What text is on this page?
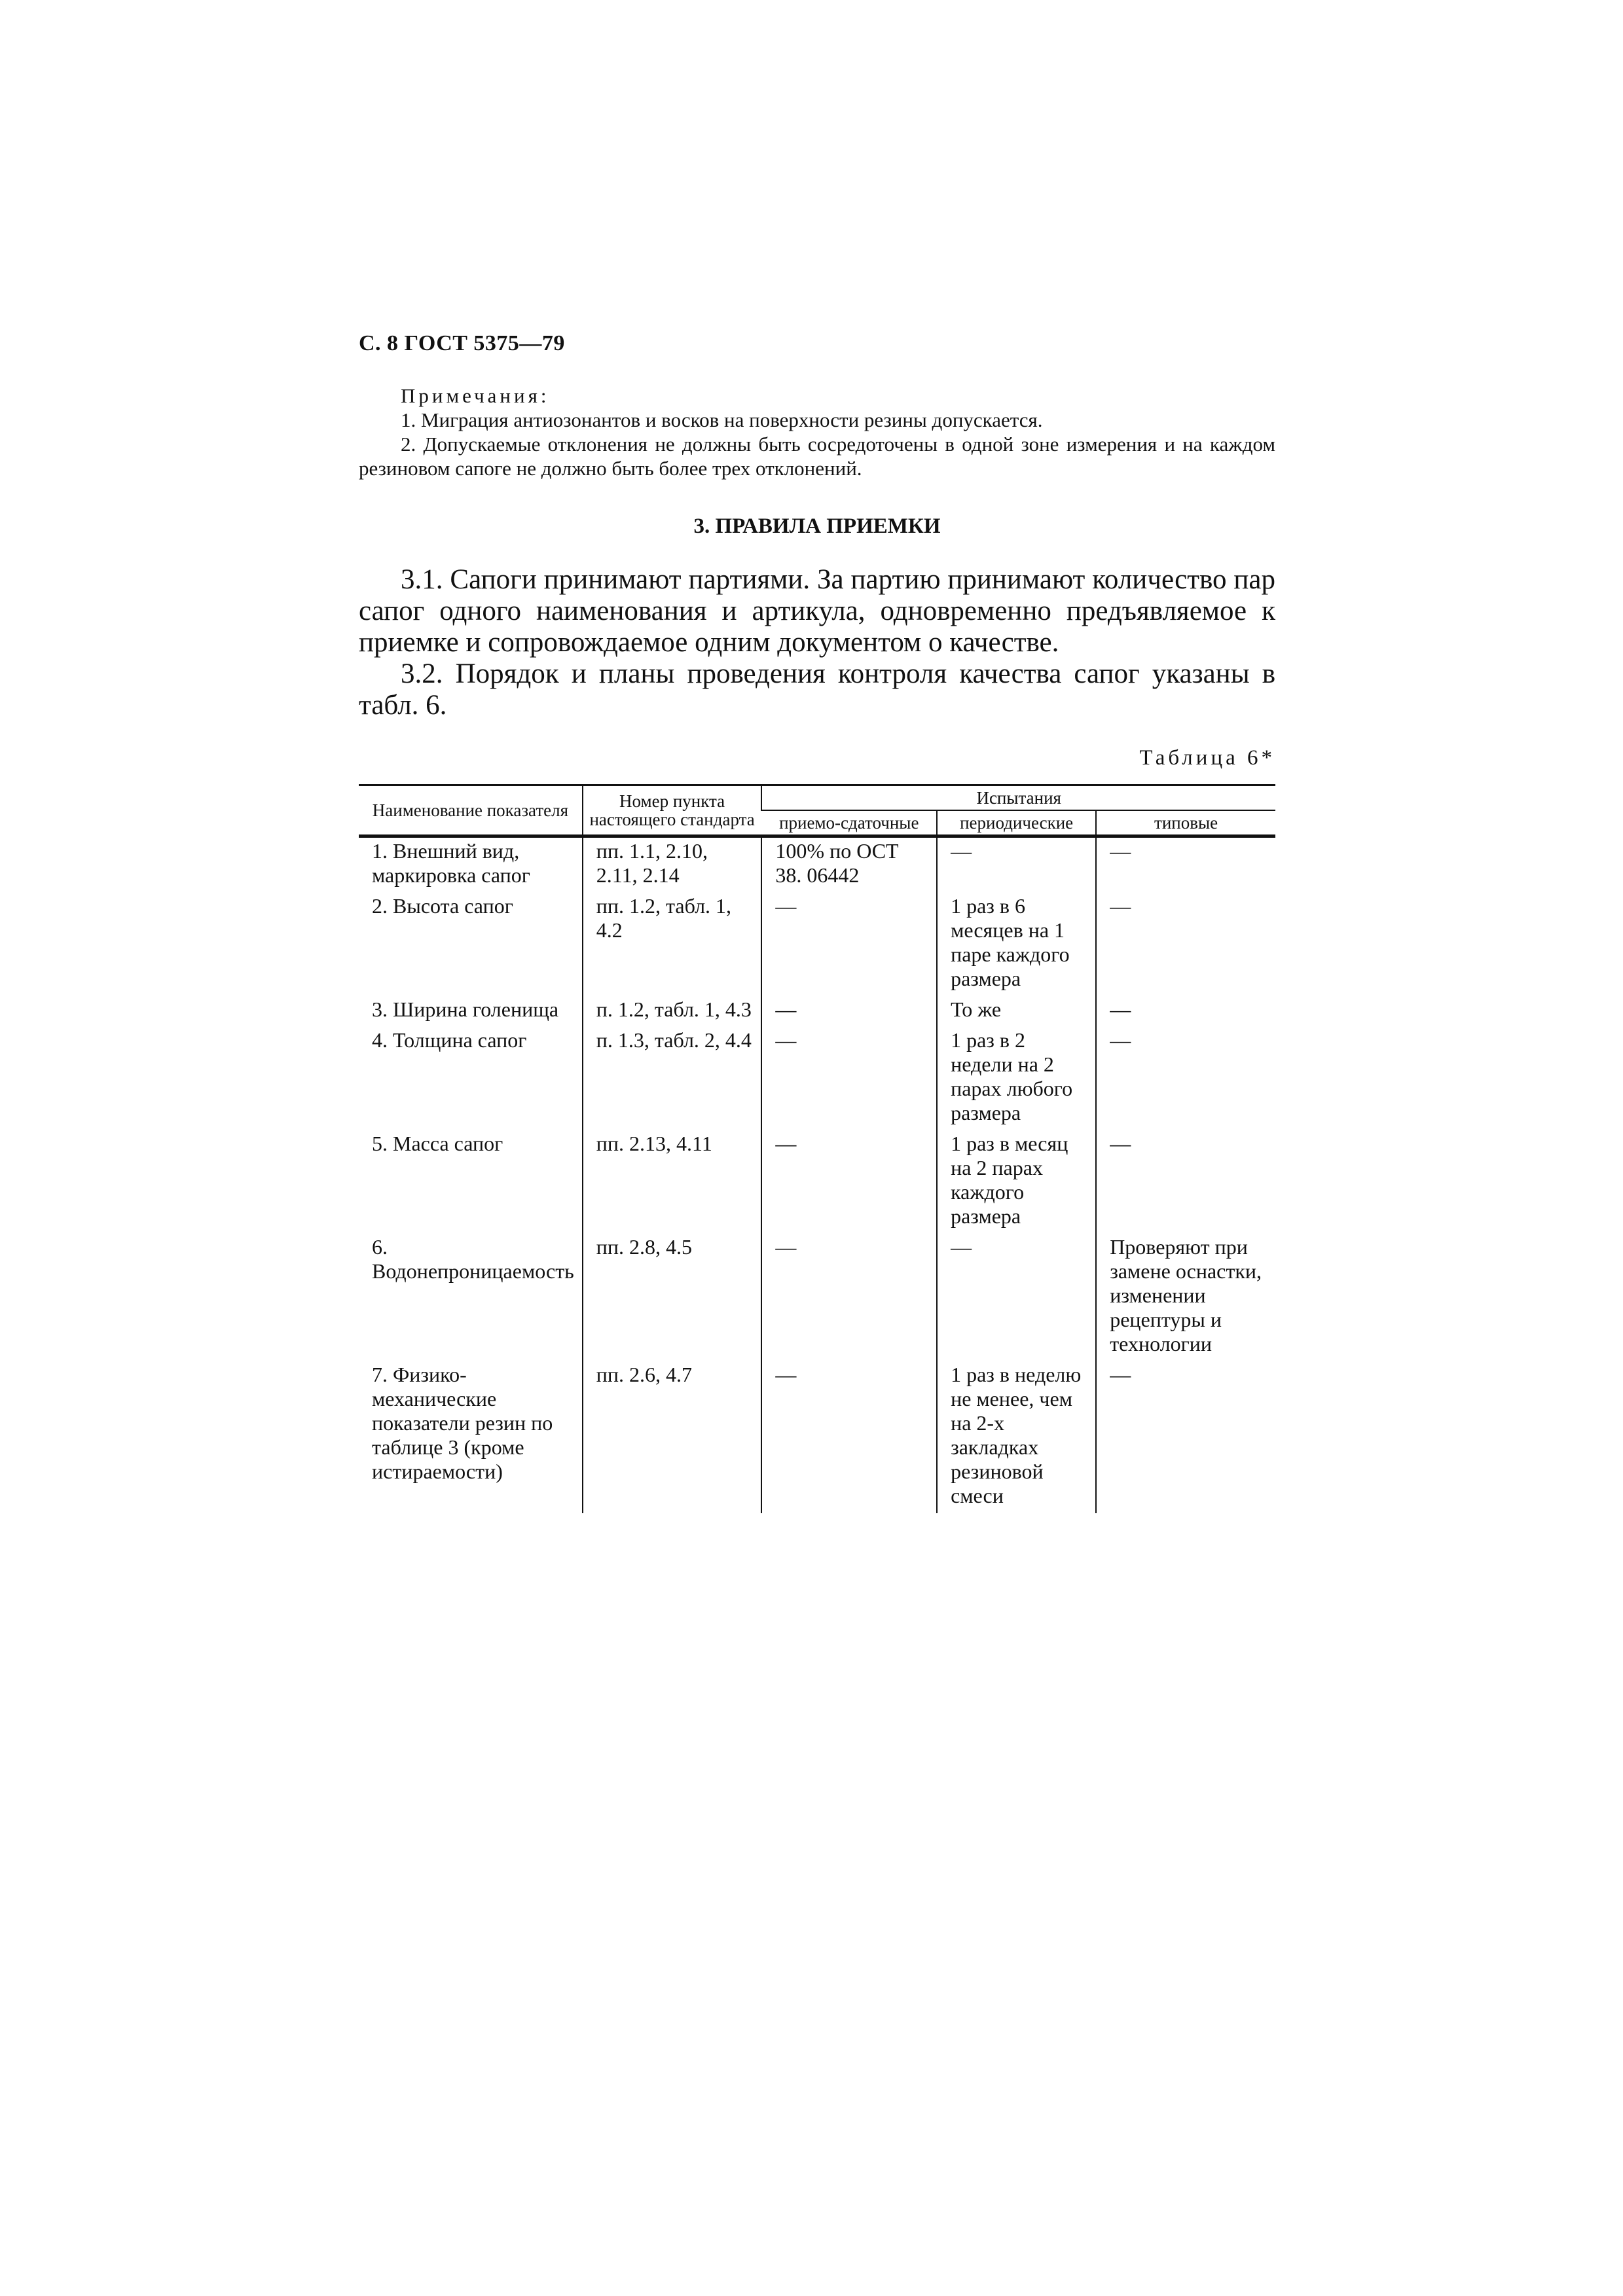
С. 8 ГОСТ 5375—79
Примечания:

1. Миграция антиозонантов и восков на поверхности резины допускается.

2. Допускаемые отклонения не должны быть сосредоточены в одной зоне измерения и на каждом резиновом сапоге не должно быть более трех отклонений.

3. ПРАВИЛА ПРИЕМКИ

3.1. Сапоги принимают партиями. За партию принимают количество пар сапог одного наименования и артикула, одновременно предъявляемое к приемке и сопровождаемое одним документом о качестве.

3.2. Порядок и планы проведения контроля качества сапог указаны в табл. 6.

Таблица 6*
Наименование показателя	Номер пункта настоящего стандарта	Испытания		
		приемо-сдаточные	периодические	типовые
1. Внешний вид, маркировка сапог	пп. 1.1, 2.10, 2.11, 2.14	100% по ОСТ 38. 06442	—	—
2. Высота сапог	пп. 1.2, табл. 1, 4.2	—	1 раз в 6 месяцев на 1 паре каждого размера	—
3. Ширина голенища	п. 1.2, табл. 1, 4.3	—	То же	—
4. Толщина сапог	п. 1.3, табл. 2, 4.4	—	1 раз в 2 недели на 2 парах любого размера	—
5. Масса сапог	пп. 2.13, 4.11	—	1 раз в месяц на 2 парах каждого размера	—
6. Водонепроницаемость	пп. 2.8, 4.5	—	—	Проверяют при замене оснастки, изменении рецептуры и технологии
7. Физико-механические показатели резин по таблице 3 (кроме истираемости)	пп. 2.6, 4.7	—	1 раз в неделю не менее, чем на 2-х закладках резиновой смеси	—
